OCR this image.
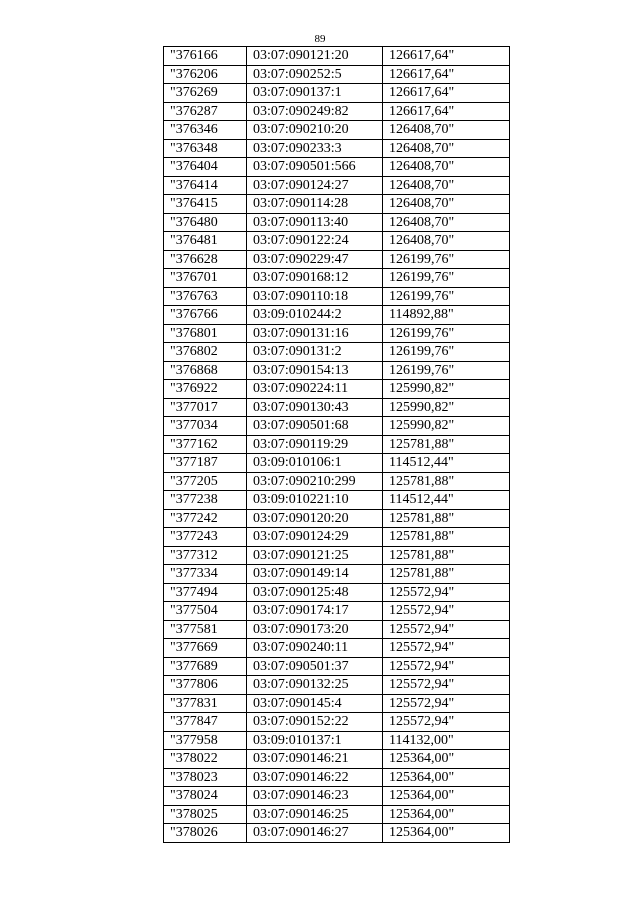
89
"376166	03:07:090121:20	126617,64"
"376206	03:07:090252:5	126617,64"
"376269	03:07:090137:1	126617,64"
"376287	03:07:090249:82	126617,64"
"376346	03:07:090210:20	126408,70"
"376348	03:07:090233:3	126408,70"
"376404	03:07:090501:566	126408,70"
"376414	03:07:090124:27	126408,70"
"376415	03:07:090114:28	126408,70"
"376480	03:07:090113:40	126408,70"
"376481	03:07:090122:24	126408,70"
"376628	03:07:090229:47	126199,76"
"376701	03:07:090168:12	126199,76"
"376763	03:07:090110:18	126199,76"
"376766	03:09:010244:2	114892,88"
"376801	03:07:090131:16	126199,76"
"376802	03:07:090131:2	126199,76"
"376868	03:07:090154:13	126199,76"
"376922	03:07:090224:11	125990,82"
"377017	03:07:090130:43	125990,82"
"377034	03:07:090501:68	125990,82"
"377162	03:07:090119:29	125781,88"
"377187	03:09:010106:1	114512,44"
"377205	03:07:090210:299	125781,88"
"377238	03:09:010221:10	114512,44"
"377242	03:07:090120:20	125781,88"
"377243	03:07:090124:29	125781,88"
"377312	03:07:090121:25	125781,88"
"377334	03:07:090149:14	125781,88"
"377494	03:07:090125:48	125572,94"
"377504	03:07:090174:17	125572,94"
"377581	03:07:090173:20	125572,94"
"377669	03:07:090240:11	125572,94"
"377689	03:07:090501:37	125572,94"
"377806	03:07:090132:25	125572,94"
"377831	03:07:090145:4	125572,94"
"377847	03:07:090152:22	125572,94"
"377958	03:09:010137:1	114132,00"
"378022	03:07:090146:21	125364,00"
"378023	03:07:090146:22	125364,00"
"378024	03:07:090146:23	125364,00"
"378025	03:07:090146:25	125364,00"
"378026	03:07:090146:27	125364,00"
